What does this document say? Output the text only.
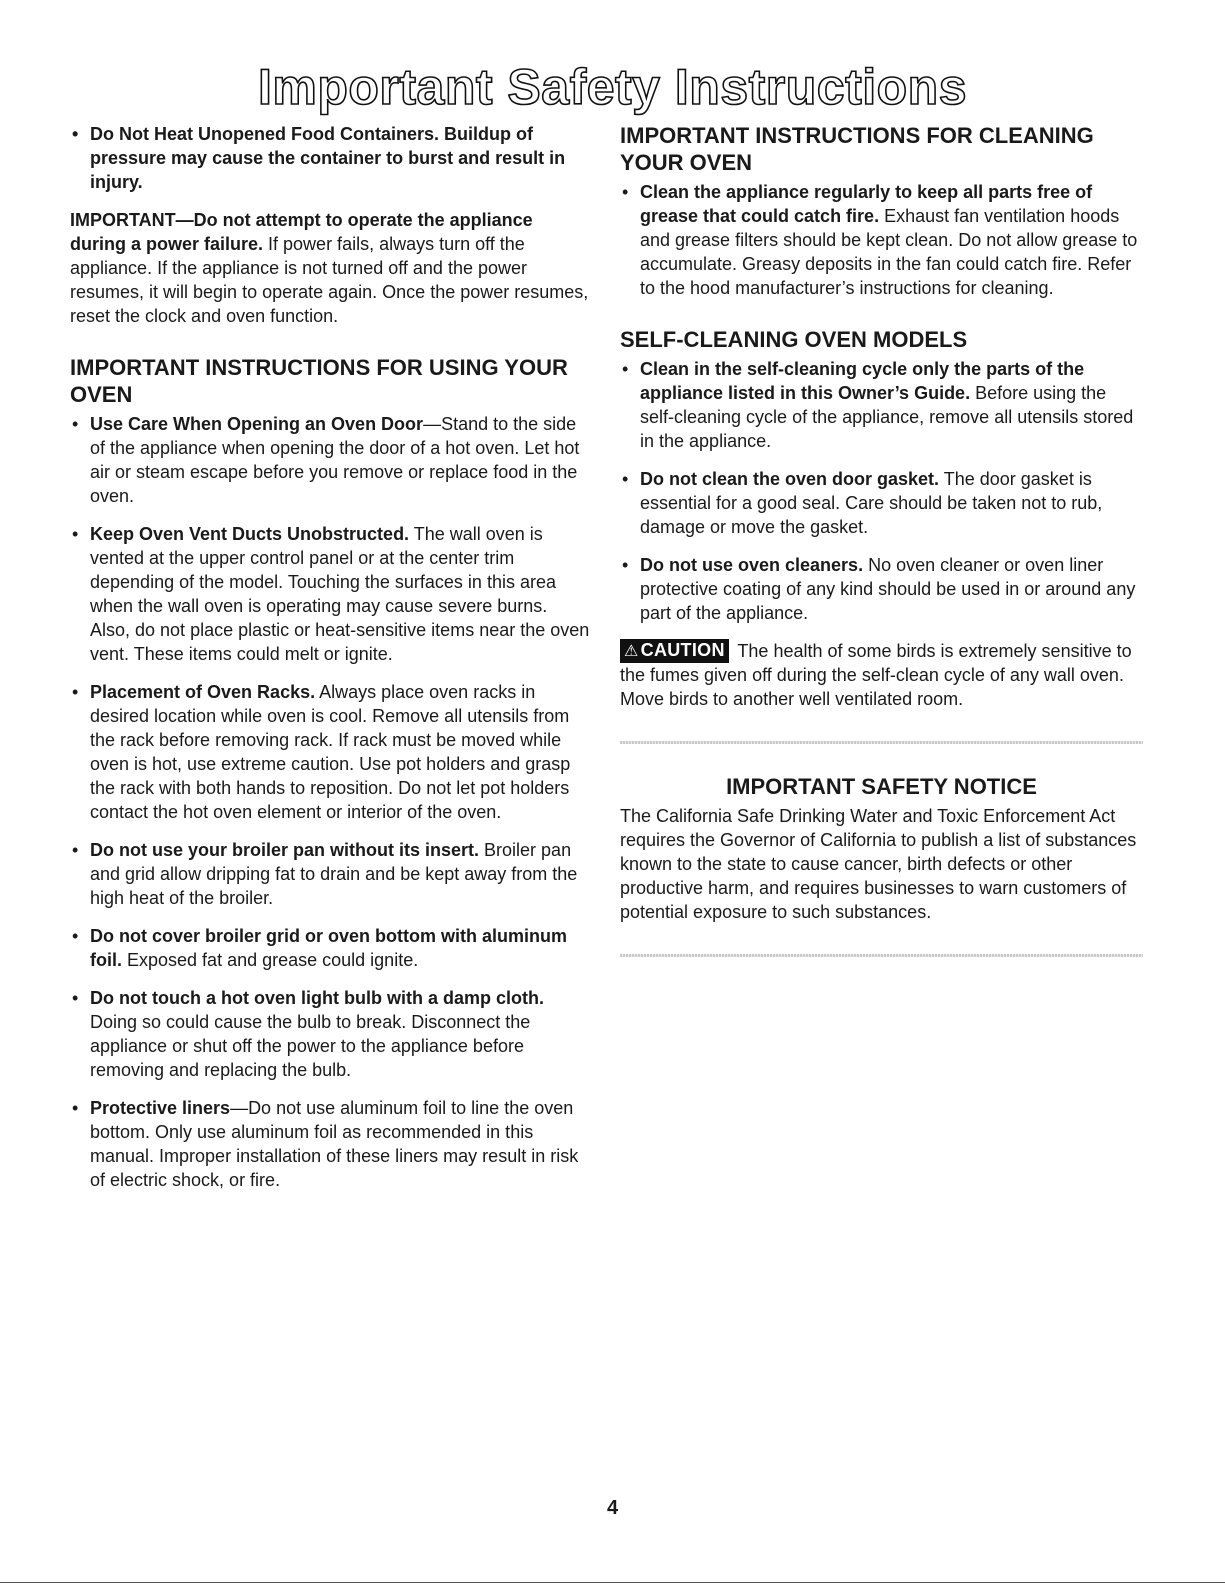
Important Safety Instructions
• Do Not Heat Unopened Food Containers. Buildup of pressure may cause the container to burst and result in injury.

IMPORTANT—Do not attempt to operate the appliance during a power failure. If power fails, always turn off the appliance. If the appliance is not turned off and the power resumes, it will begin to operate again. Once the power resumes, reset the clock and oven function.

IMPORTANT INSTRUCTIONS FOR USING YOUR OVEN
• Use Care When Opening an Oven Door—Stand to the side of the appliance when opening the door of a hot oven. Let hot air or steam escape before you remove or replace food in the oven.
• Keep Oven Vent Ducts Unobstructed. The wall oven is vented at the upper control panel or at the center trim depending of the model. Touching the surfaces in this area when the wall oven is operating may cause severe burns. Also, do not place plastic or heat-sensitive items near the oven vent. These items could melt or ignite.
• Placement of Oven Racks. Always place oven racks in desired location while oven is cool. Remove all utensils from the rack before removing rack. If rack must be moved while oven is hot, use extreme caution. Use pot holders and grasp the rack with both hands to reposition. Do not let pot holders contact the hot oven element or interior of the oven.
• Do not use your broiler pan without its insert. Broiler pan and grid allow dripping fat to drain and be kept away from the high heat of the broiler.
• Do not cover broiler grid or oven bottom with aluminum foil. Exposed fat and grease could ignite.
• Do not touch a hot oven light bulb with a damp cloth. Doing so could cause the bulb to break. Disconnect the appliance or shut off the power to the appliance before removing and replacing the bulb.
• Protective liners—Do not use aluminum foil to line the oven bottom. Only use aluminum foil as recommended in this manual. Improper installation of these liners may result in risk of electric shock, or fire.
IMPORTANT INSTRUCTIONS FOR CLEANING YOUR OVEN
• Clean the appliance regularly to keep all parts free of grease that could catch fire. Exhaust fan ventilation hoods and grease filters should be kept clean. Do not allow grease to accumulate. Greasy deposits in the fan could catch fire. Refer to the hood manufacturer’s instructions for cleaning.
SELF-CLEANING OVEN MODELS
• Clean in the self-cleaning cycle only the parts of the appliance listed in this Owner’s Guide. Before using the self-cleaning cycle of the appliance, remove all utensils stored in the appliance.
• Do not clean the oven door gasket. The door gasket is essential for a good seal. Care should be taken not to rub, damage or move the gasket.
• Do not use oven cleaners. No oven cleaner or oven liner protective coating of any kind should be used in or around any part of the appliance.

⚠ CAUTION The health of some birds is extremely sensitive to the fumes given off during the self-clean cycle of any wall oven. Move birds to another well ventilated room.

IMPORTANT SAFETY NOTICE

The California Safe Drinking Water and Toxic Enforcement Act requires the Governor of California to publish a list of substances known to the state to cause cancer, birth defects or other productive harm, and requires businesses to warn customers of potential exposure to such substances.

4
